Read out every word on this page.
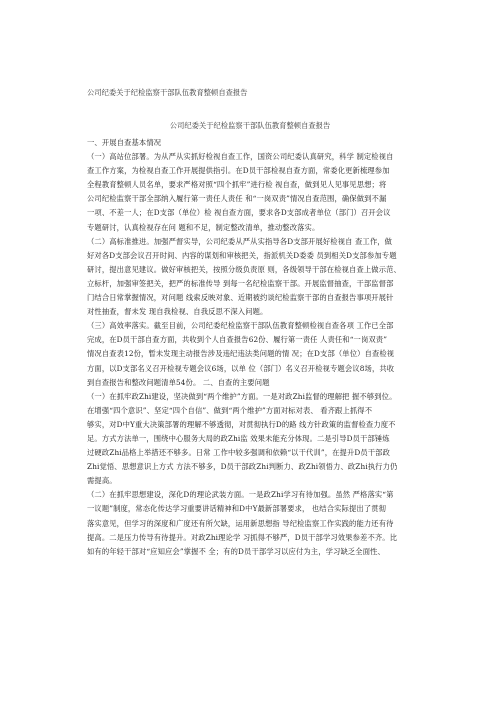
公司纪委关于纪检监察干部队伍教育整顿自查报告
公司纪委关于纪检监察干部队伍教育整顿自查报告
一、开展自查基本情况
（一）高站位部署。为从严从实抓好检视自查工作，国资公司纪委认真研究，科学 制定检视自
查工作方案，为检视自查工作开展提供指引。在D员干部检视自查方面，常委化更新梳理参加
全程教育整顿人员名单，要求严格对照“四个抓牢”进行检 视自查，做到见人见事见思想；将
公司纪检监察干部全部纳入履行第一责任人责任 和“一岗双责”情况自查范围，确保做到不漏
一项、不差一人；在D支部（单位）检 视自查方面，要求各D支部成者单位（部门）召开会议
专题研讨，认真检视存在问 题和不足，制定整改清单，推动整改落实。
（二）高标准推进。加强严督实导，公司纪委从严从实指导各D支部开展好检视自 查工作，做
好对各D支部会议召开时间、内容的谋划和审核把关，指派机关D委委 员到相关D支部参加专题
研讨，提出意见建议。做好审核把关，按照分级负责原 则，各级领导干部在检视自查上做示范、
立标杆，加强审签把关，把严的标准传导 到每一名纪检监察干部。开展监督抽查，干部监督部
门结合日常掌握情况，对问题 线索反映对象、近期被约谈纪检监察干部的自查报告事项开展针
对性抽查，督未发 现自我检视、自我反思不深入问题。
（三）高效率落实。截至目前，公司纪委纪检监察干部队伍教育整顿检视自查各项 工作已全部
完成，在D员干部自查方面，共收到个人自查报告62份、履行第一责任 人责任和“一岗双责”
情况自查表12份，暂未发现主动报告涉及违纪违法类问题的情 况；在D支部（单位）自查检视
方面，以D支部名义召开检视专题会议6场，以单 位（部门）名义召开检视专题会议8场，共收
到自查报告和整改问题清单54份。 二、自查的主要问题
（一）在抓牢政Zhi建设，坚决做到“两个维护”方面。一是对政Zhi监督的理解把 握不够到位。
在增强“四个意识”、坚定“四个自信”、做到“两个维护”方面对标对表、 看齐跟上抓得不
够实，对D中Y重大决策部署的理解不够透彻，对贯彻执行D的路 线方针政策的监督检查力度不
足。方式方法单一，围绕中心服务大局的政Zhi监 效果未能充分体现。二是引导D员干部锤炼
过硬政Zhi品格上举措还不够多。日常 工作中较多强调和依赖“以干代训”，在提升D员干部政
Zhi觉悟、思想意识上方式 方法不够多，D员干部政Zhi判断力、政Zhi领悟力、政Zhi执行力仍
需提高。
（二）在抓牢思想建设，深化D的理论武装方面。一是政Zhi学习有待加强。虽然 严格落实“第
一议题”制度，常态化传达学习重要讲话精神和D中Y最新部署要求， 也结合实际提出了贯彻
落实意见，但学习的深度和广度还有所欠缺，运用新思想指 导纪检监察工作实践的能力还有待
提高。二是压力传导有待提升。对政Zhi理论学 习抓得不够严，D员干部学习效果参差不齐。比
如有的年轻干部对“应知应会”掌握不 全；有的D员干部学习以应付为主，学习缺乏全面性、
